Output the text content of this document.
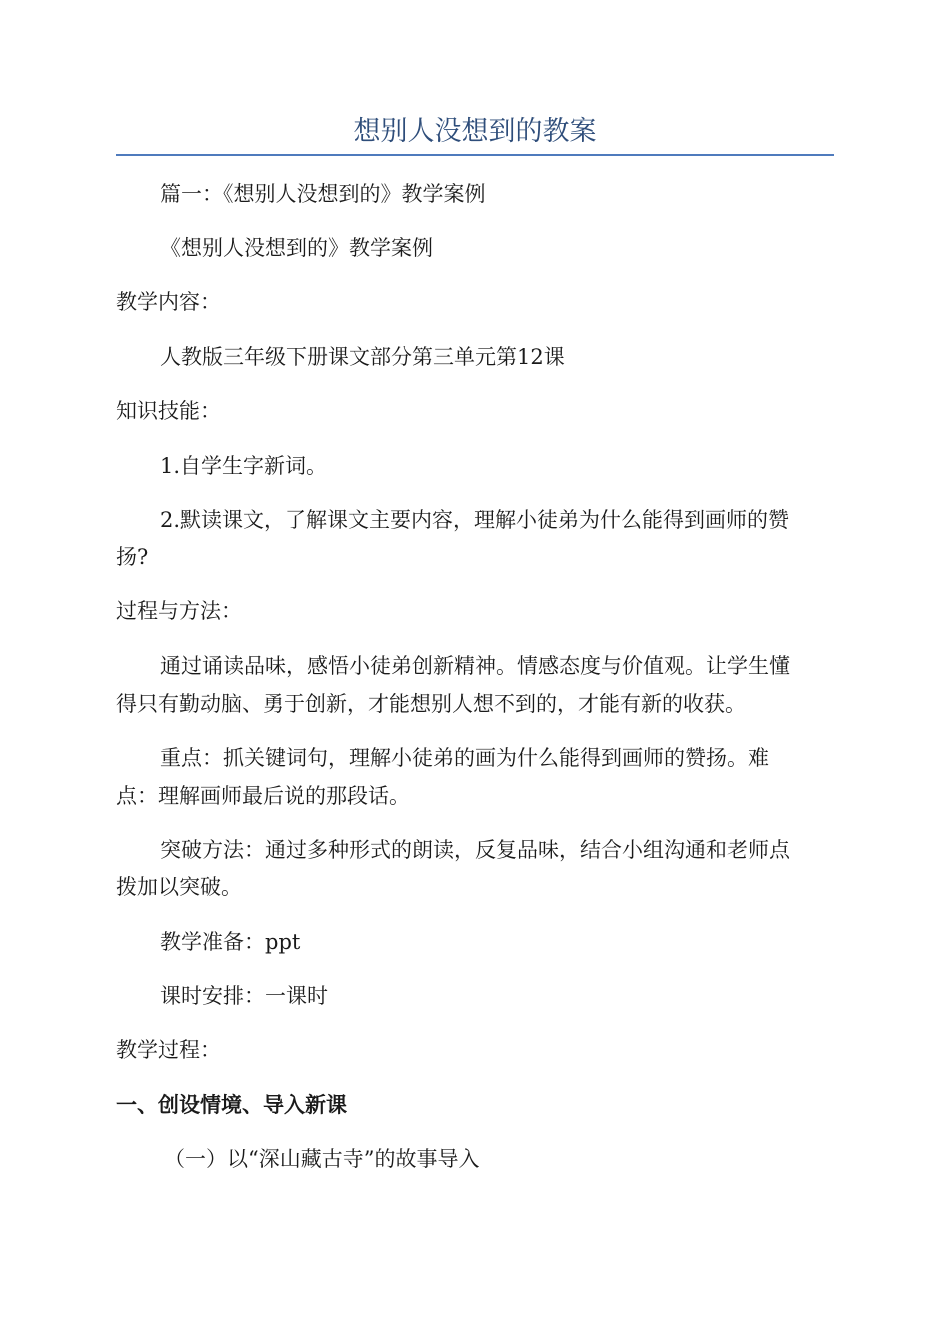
想别人没想到的教案
篇一：《想别人没想到的》教学案例
《想别人没想到的》教学案例
教学内容：
人教版三年级下册课文部分第三单元第12课
知识技能：
1.自学生字新词。
2.默读课文，了解课文主要内容，理解小徒弟为什么能得到画师的赞
扬?
过程与方法：
通过诵读品味，感悟小徒弟创新精神。情感态度与价值观。让学生懂
得只有勤动脑、勇于创新，才能想别人想不到的，才能有新的收获。
重点：抓关键词句，理解小徒弟的画为什么能得到画师的赞扬。难
点：理解画师最后说的那段话。
突破方法：通过多种形式的朗读，反复品味，结合小组沟通和老师点
拨加以突破。
教学准备：ppt
课时安排：一课时
教学过程：
一、创设情境、导入新课
（一）以“深山藏古寺”的故事导入
